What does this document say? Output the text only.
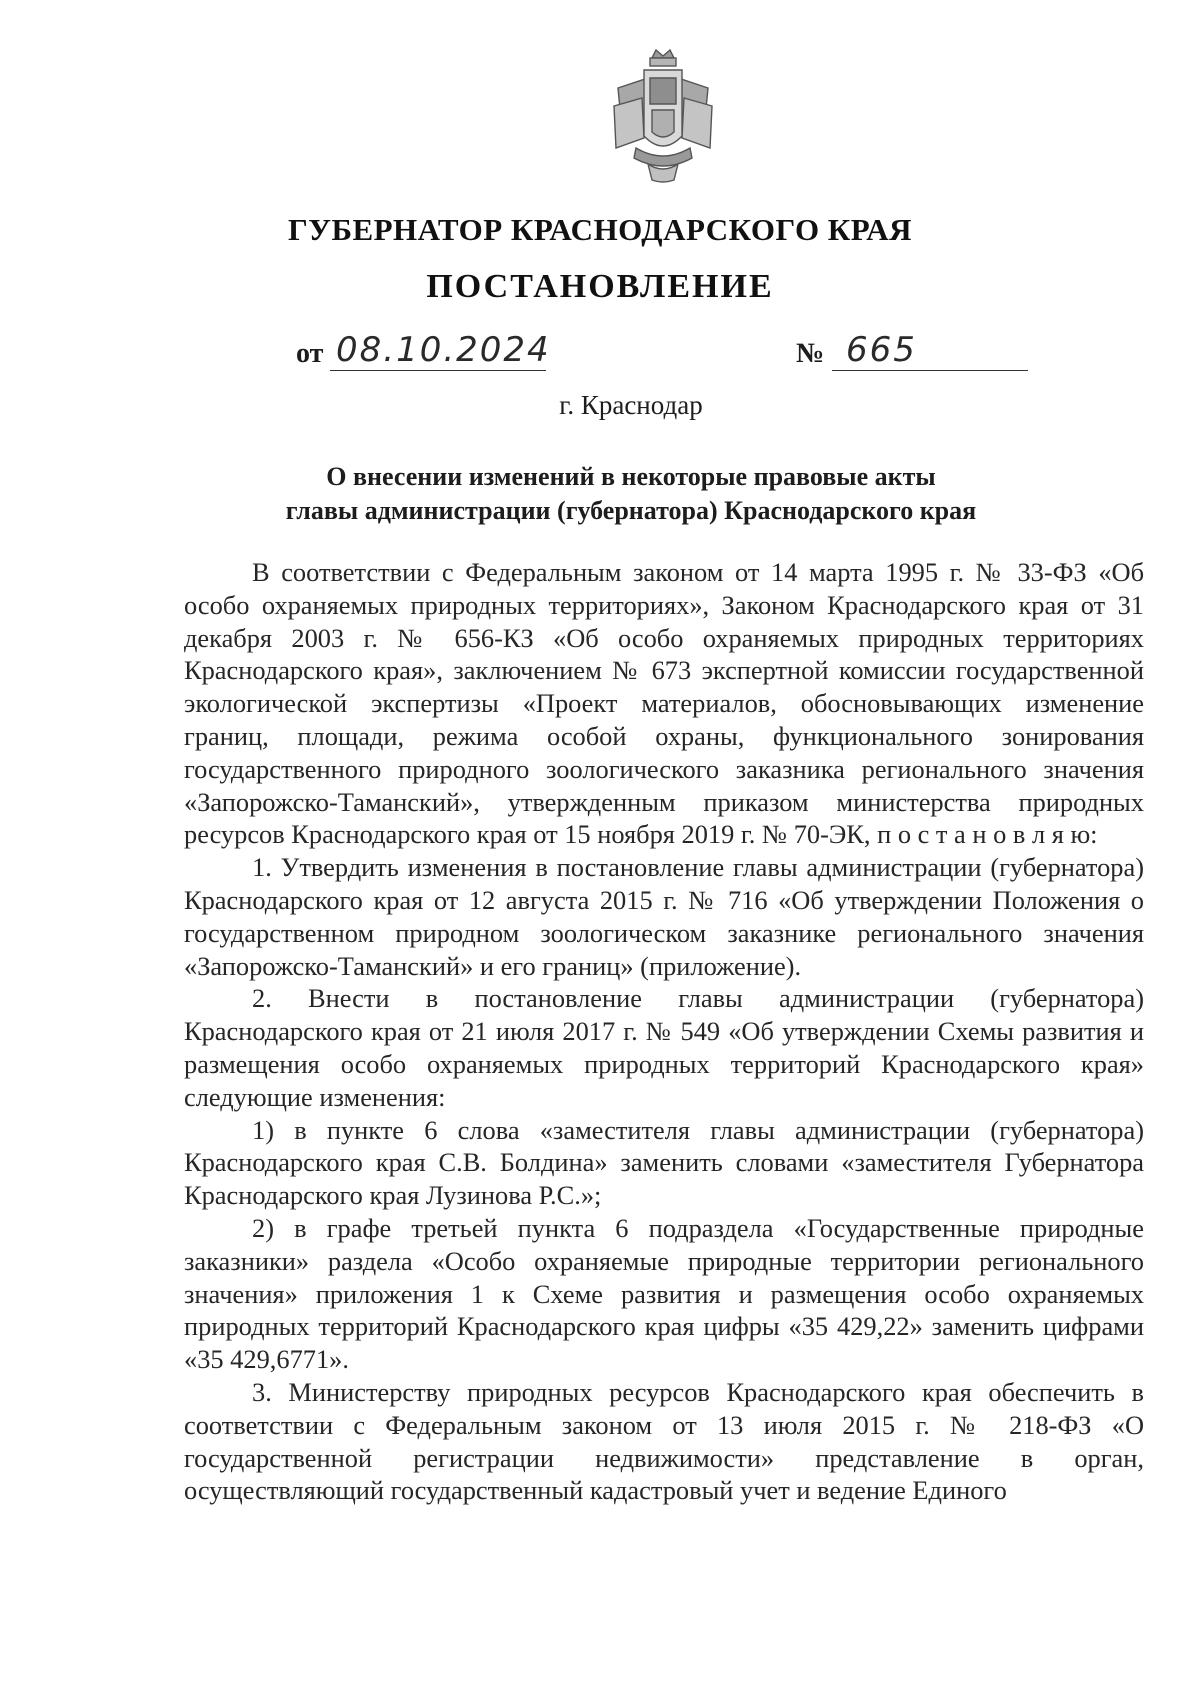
ГУБЕРНАТОР КРАСНОДАРСКОГО КРАЯ
ПОСТАНОВЛЕНИЕ
от 08.10.2024	№ 665
г. Краснодар
О внесении изменений в некоторые правовые акты
главы администрации (губернатора) Краснодарского края

В соответствии с Федеральным законом от 14 марта 1995 г. № 33-ФЗ «Об особо охраняемых природных территориях», Законом Краснодарского края от 31 декабря 2003 г. № 656-КЗ «Об особо охраняемых природных территориях Краснодарского края», заключением № 673 экспертной комиссии государственной экологической экспертизы «Проект материалов, обосновывающих изменение границ, площади, режима особой охраны, функционального зонирования государственного природного зоологического заказника регионального значения «Запорожско-Таманский», утвержденным приказом министерства природных ресурсов Краснодарского края от 15 ноября 2019 г. № 70-ЭК, п о с т а н о в л я ю:

1. Утвердить изменения в постановление главы администрации (губернатора) Краснодарского края от 12 августа 2015 г. № 716 «Об утверждении Положения о государственном природном зоологическом заказнике регионального значения «Запорожско-Таманский» и его границ» (приложение).

2. Внести в постановление главы администрации (губернатора) Краснодарского края от 21 июля 2017 г. № 549 «Об утверждении Схемы развития и размещения особо охраняемых природных территорий Краснодарского края» следующие изменения:

1) в пункте 6 слова «заместителя главы администрации (губернатора) Краснодарского края С.В. Болдина» заменить словами «заместителя Губернатора Краснодарского края Лузинова Р.С.»;

2) в графе третьей пункта 6 подраздела «Государственные природные заказники» раздела «Особо охраняемые природные территории регионального значения» приложения 1 к Схеме развития и размещения особо охраняемых природных территорий Краснодарского края цифры «35 429,22» заменить цифрами «35 429,6771».

3. Министерству природных ресурсов Краснодарского края обеспечить в соответствии с Федеральным законом от 13 июля 2015 г. № 218-ФЗ «О государственной регистрации недвижимости» представление в орган, осуществляющий государственный кадастровый учет и ведение Единого
